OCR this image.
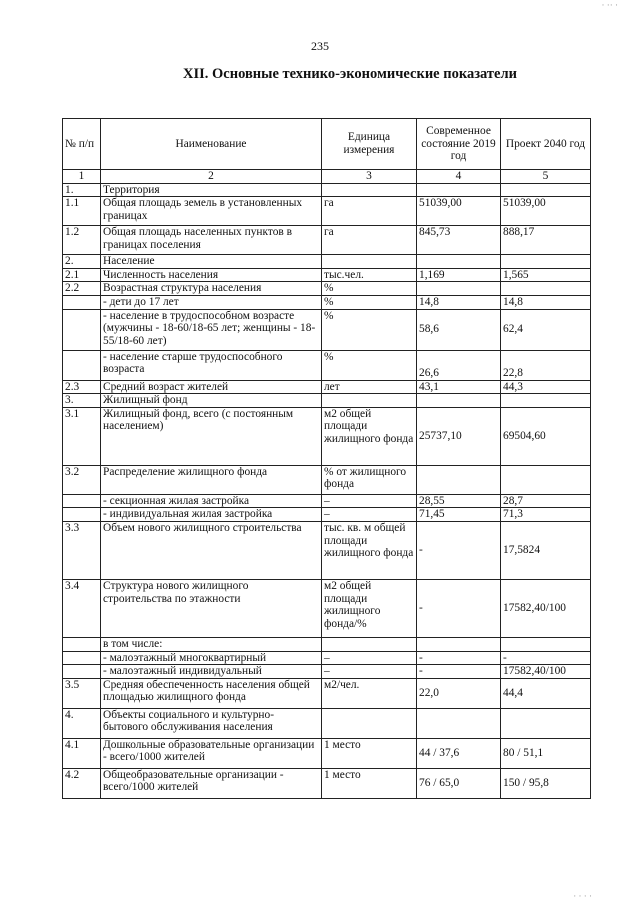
· ·· ·
235
XII. Основные технико-экономические показатели
№ п/п	Наименование	Единица измерения	Современное состояние 2019 год	Проект 2040 год
1	2	3	4	5
1.	Территория			
1.1	Общая площадь земель в установленных границах	га	51039,00	51039,00
1.2	Общая площадь населенных пунктов в границах поселения	га	845,73	888,17
2.	Население			
2.1	Численность населения	тыс.чел.	1,169	1,565
2.2	Возрастная структура населения	%		
	- дети до 17 лет	%	14,8	14,8
	- население в трудоспособном возрасте (мужчины - 18-60/18-65 лет; женщины - 18-55/18-60 лет)	%	58,6	62,4
	- население старше трудоспособного возраста	%	26,6	22,8
2.3	Средний возраст жителей	лет	43,1	44,3
3.	Жилищный фонд			
3.1	Жилищный фонд, всего (с постоянным населением)	м2 общей площади жилищного фонда	25737,10	69504,60
3.2	Распределение жилищного фонда	% от жилищного фонда		
	- секционная жилая застройка	–	28,55	28,7
	- индивидуальная жилая застройка	–	71,45	71,3
3.3	Объем нового жилищного строительства	тыс. кв. м общей площади жилищного фонда	-	17,5824
3.4	Структура нового жилищного строительства по этажности	м2 общей площади жилищного фонда/%	-	17582,40/100
	в том числе:			
	- малоэтажный многоквартирный	–	-	-
	- малоэтажный индивидуальный	–	-	17582,40/100
3.5	Средняя обеспеченность населения общей площадью жилищного фонда	м2/чел.	22,0	44,4
4.	Объекты социального и культурно-бытового обслуживания населения			
4.1	Дошкольные образовательные организации - всего/1000 жителей	1 место	44 / 37,6	80 / 51,1
4.2	Общеобразовательные организации - всего/1000 жителей	1 место	76 / 65,0	150 / 95,8
· · · ·
